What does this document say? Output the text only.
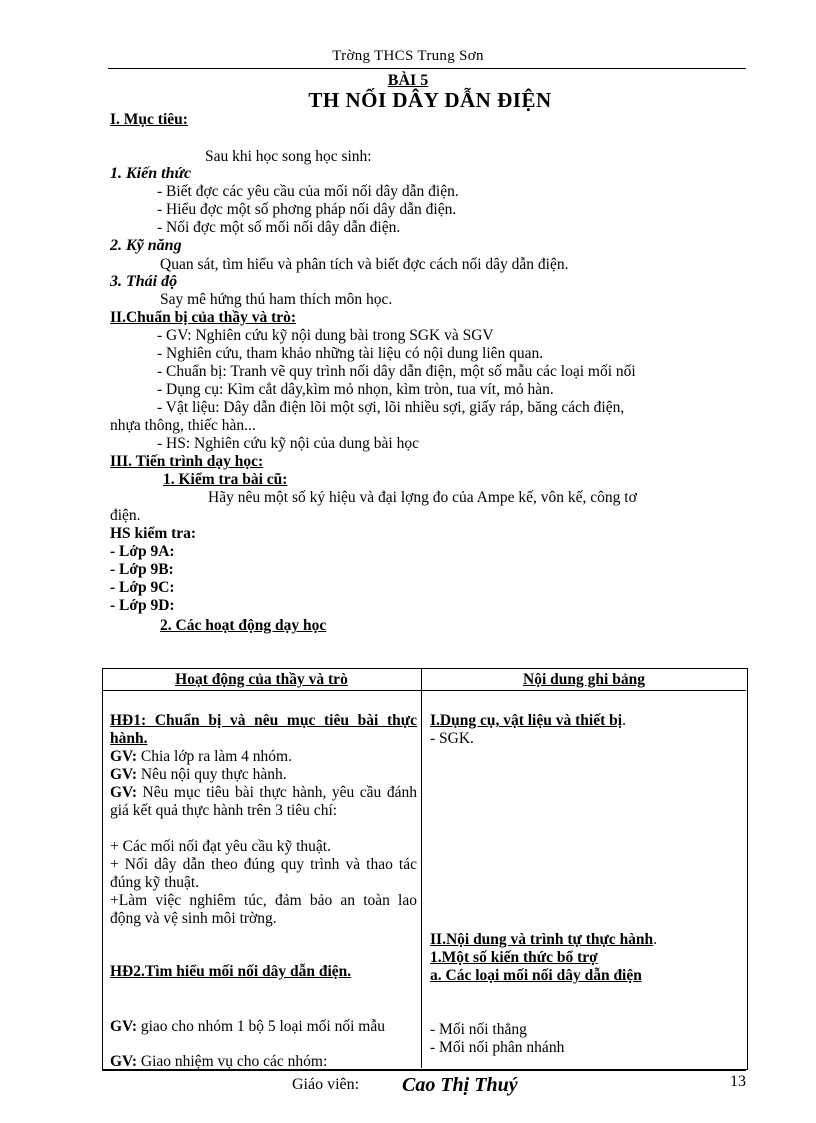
Trờng THCS Trung Sơn
BÀI 5
TH NỐI DÂY DẪN ĐIỆN
I. Mục tiêu:
Sau khi học song học sinh:
1. Kiến thức
- Biết đợc các yêu cầu của mối nối dây dẫn điện.
- Hiểu đợc một số phơng pháp nối dây dẫn điện.
- Nối đợc một số mối nối dây dẫn điện.
2. Kỹ năng
Quan sát, tìm hiểu và phân tích và biết đợc cách nối dây dẫn điện.
3. Thái độ
Say mê hứng thú ham thích môn học.
II.Chuẩn bị của thầy và trò:
- GV: Nghiên cứu kỹ nội dung bài trong SGK và SGV
- Nghiên cứu, tham khảo những tài liệu có nội dung liên quan.
- Chuẩn bị: Tranh vẽ quy trình nối dây dẫn điện, một số mẫu các loại mối nối
- Dụng cụ: Kìm cắt dây,kìm mỏ nhọn, kìm tròn, tua vít, mỏ hàn.
- Vật liệu: Dây dẫn điện lõi một sợi, lõi nhiều sợi, giấy ráp, băng cách điện,
nhựa thông, thiếc hàn...
- HS: Nghiên cứu kỹ nội của dung bài học
III. Tiến trình dạy học:
1. Kiểm tra bài cũ:
Hãy nêu một số ký hiệu và đại lợng đo của Ampe kế, vôn kế, công tơ
điện.
HS kiểm tra:
- Lớp 9A:
- Lớp 9B:
- Lớp 9C:
- Lớp 9D:
2. Các hoạt động dạy học
Hoạt động của thầy và trò	Nội dung ghi bảng
HĐ1: Chuẩn bị và nêu mục tiêu bài thực hành.
GV: Chia lớp ra làm 4 nhóm.
GV: Nêu nội quy thực hành.
GV: Nêu mục tiêu bài thực hành, yêu cầu đánh giá kết quả thực hành trên 3 tiêu chí:
+ Các mối nối đạt yêu cầu kỹ thuật.
+ Nối dây dẫn theo đúng quy trình và thao tác đúng kỹ thuật.
+Làm việc nghiêm túc, đảm bảo an toàn lao động và vệ sinh môi trờng.
HĐ2.Tìm hiểu mối nối dây dẫn điện.
GV: giao cho nhóm 1 bộ 5 loại mối nối mẫu
GV: Giao nhiệm vụ cho các nhóm:
I.Dụng cụ, vật liệu và thiết bị.
- SGK.
II.Nội dung và trình tự thực hành.
1.Một số kiến thức bổ trợ
a. Các loại mối nối dây dẫn điện
- Mối nối thẳng
- Mối nối phân nhánh
Giáo viên: Cao Thị Thuý	13
